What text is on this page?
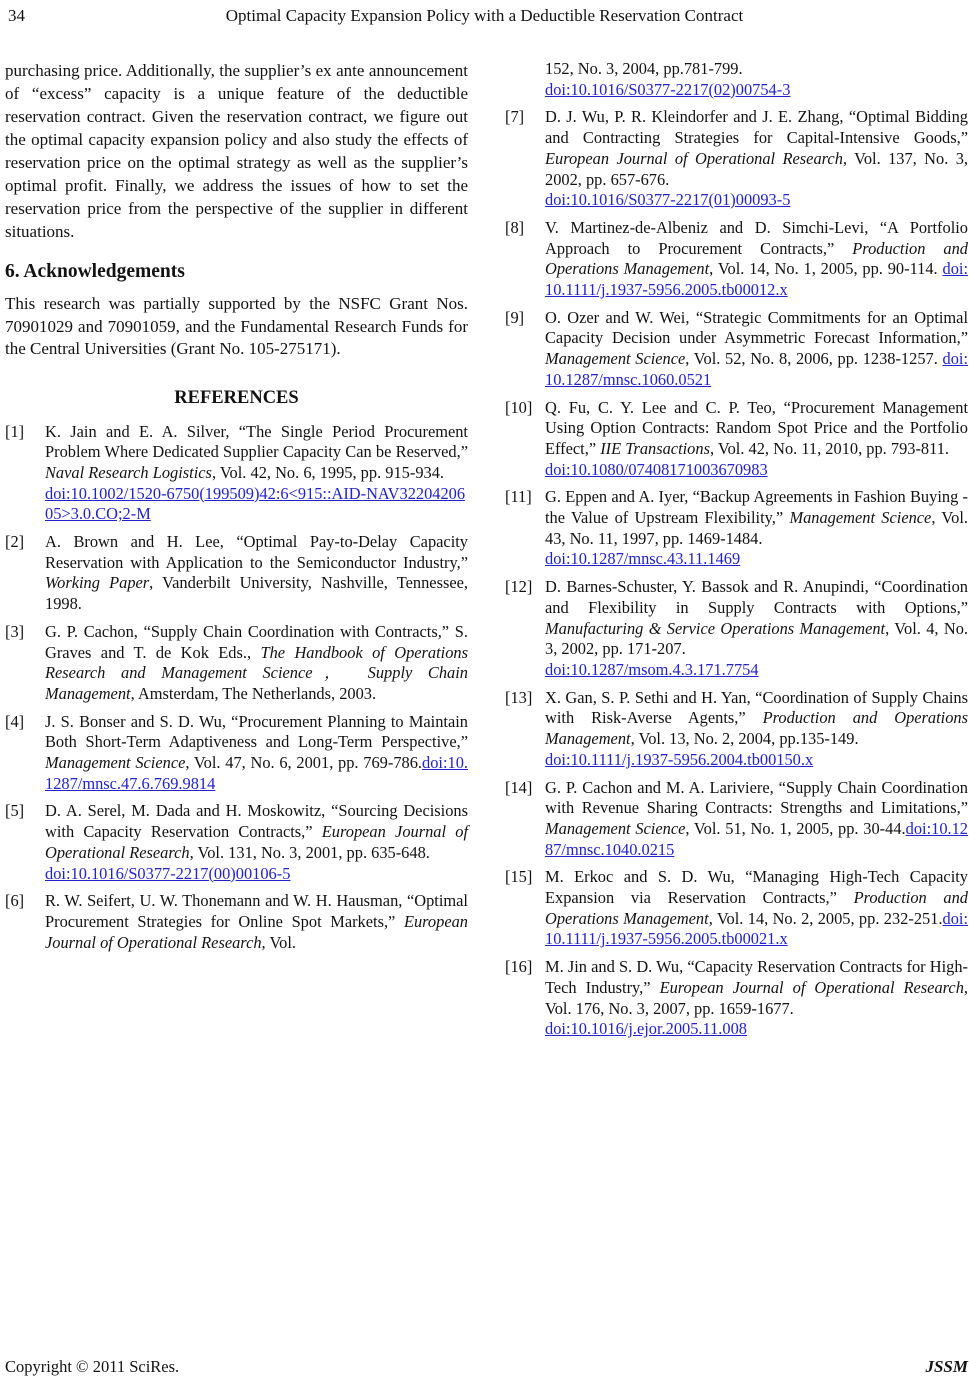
34	Optimal Capacity Expansion Policy with a Deductible Reservation Contract

purchasing price. Additionally, the supplier’s ex ante announcement of “excess” capacity is a unique feature of the deductible reservation contract. Given the reservation contract, we figure out the optimal capacity expansion policy and also study the effects of reservation price on the optimal strategy as well as the supplier’s optimal profit. Finally, we address the issues of how to set the reservation price from the perspective of the supplier in different situations.

6. Acknowledgements

This research was partially supported by the NSFC Grant Nos. 70901029 and 70901059, and the Fundamental Research Funds for the Central Universities (Grant No. 105-275171).

REFERENCES
[1]	K. Jain and E. A. Silver, “The Single Period Procurement Problem Where Dedicated Supplier Capacity Can be Reserved,” Naval Research Logistics, Vol. 42, No. 6, 1995, pp. 915-934.
doi:10.1002/1520-6750(199509)42:6<915::AID-NAV3220420605>3.0.CO;2-M
[2]	A. Brown and H. Lee, “Optimal Pay-to-Delay Capacity Reservation with Application to the Semiconductor Industry,” Working Paper, Vanderbilt University, Nashville, Tennessee, 1998.
[3]	G. P. Cachon, “Supply Chain Coordination with Contracts,” S. Graves and T. de Kok Eds., The Handbook of Operations Research and Management Science， Supply Chain Management, Amsterdam, The Netherlands, 2003.
[4]	J. S. Bonser and S. D. Wu, “Procurement Planning to Maintain Both Short-Term Adaptiveness and Long-Term Perspective,” Management Science, Vol. 47, No. 6, 2001, pp. 769-786.doi:10.1287/mnsc.47.6.769.9814
[5]	D. A. Serel, M. Dada and H. Moskowitz, “Sourcing Decisions with Capacity Reservation Contracts,” European Journal of Operational Research, Vol. 131, No. 3, 2001, pp. 635-648.
doi:10.1016/S0377-2217(00)00106-5
[6]	R. W. Seifert, U. W. Thonemann and W. H. Hausman, “Optimal Procurement Strategies for Online Spot Markets,” European Journal of Operational Research, Vol.
152, No. 3, 2004, pp.781-799.
doi:10.1016/S0377-2217(02)00754-3
[7]	D. J. Wu, P. R. Kleindorfer and J. E. Zhang, “Optimal Bidding and Contracting Strategies for Capital-Intensive Goods,” European Journal of Operational Research, Vol. 137, No. 3, 2002, pp. 657-676.
doi:10.1016/S0377-2217(01)00093-5
[8]	V. Martinez-de-Albeniz and D. Simchi-Levi, “A Portfolio Approach to Procurement Contracts,” Production and Operations Management, Vol. 14, No. 1, 2005, pp. 90-114. doi:10.1111/j.1937-5956.2005.tb00012.x
[9]	O. Ozer and W. Wei, “Strategic Commitments for an Optimal Capacity Decision under Asymmetric Forecast Information,” Management Science, Vol. 52, No. 8, 2006, pp. 1238-1257. doi:10.1287/mnsc.1060.0521
[10] Q. Fu, C. Y. Lee and C. P. Teo, “Procurement Management Using Option Contracts: Random Spot Price and the Portfolio Effect,” IIE Transactions, Vol. 42, No. 11, 2010, pp. 793-811.
doi:10.1080/07408171003670983
[11] G. Eppen and A. Iyer, “Backup Agreements in Fashion Buying - the Value of Upstream Flexibility,” Management Science, Vol. 43, No. 11, 1997, pp. 1469-1484.
doi:10.1287/mnsc.43.11.1469
[12] D. Barnes-Schuster, Y. Bassok and R. Anupindi, “Coordination and Flexibility in Supply Contracts with Options,” Manufacturing & Service Operations Management, Vol. 4, No. 3, 2002, pp. 171-207.
doi:10.1287/msom.4.3.171.7754
[13] X. Gan, S. P. Sethi and H. Yan, “Coordination of Supply Chains with Risk-Averse Agents,” Production and Operations Management, Vol. 13, No. 2, 2004, pp.135-149.
doi:10.1111/j.1937-5956.2004.tb00150.x
[14] G. P. Cachon and M. A. Lariviere, “Supply Chain Coordination with Revenue Sharing Contracts: Strengths and Limitations,” Management Science, Vol. 51, No. 1, 2005, pp. 30-44.doi:10.1287/mnsc.1040.0215
[15] M. Erkoc and S. D. Wu, “Managing High-Tech Capacity Expansion via Reservation Contracts,” Production and Operations Management, Vol. 14, No. 2, 2005, pp. 232-251.doi:10.1111/j.1937-5956.2005.tb00021.x
[16] M. Jin and S. D. Wu, “Capacity Reservation Contracts for High-Tech Industry,” European Journal of Operational Research, Vol. 176, No. 3, 2007, pp. 1659-1677.
doi:10.1016/j.ejor.2005.11.008
Copyright © 2011 SciRes.	JSSM
